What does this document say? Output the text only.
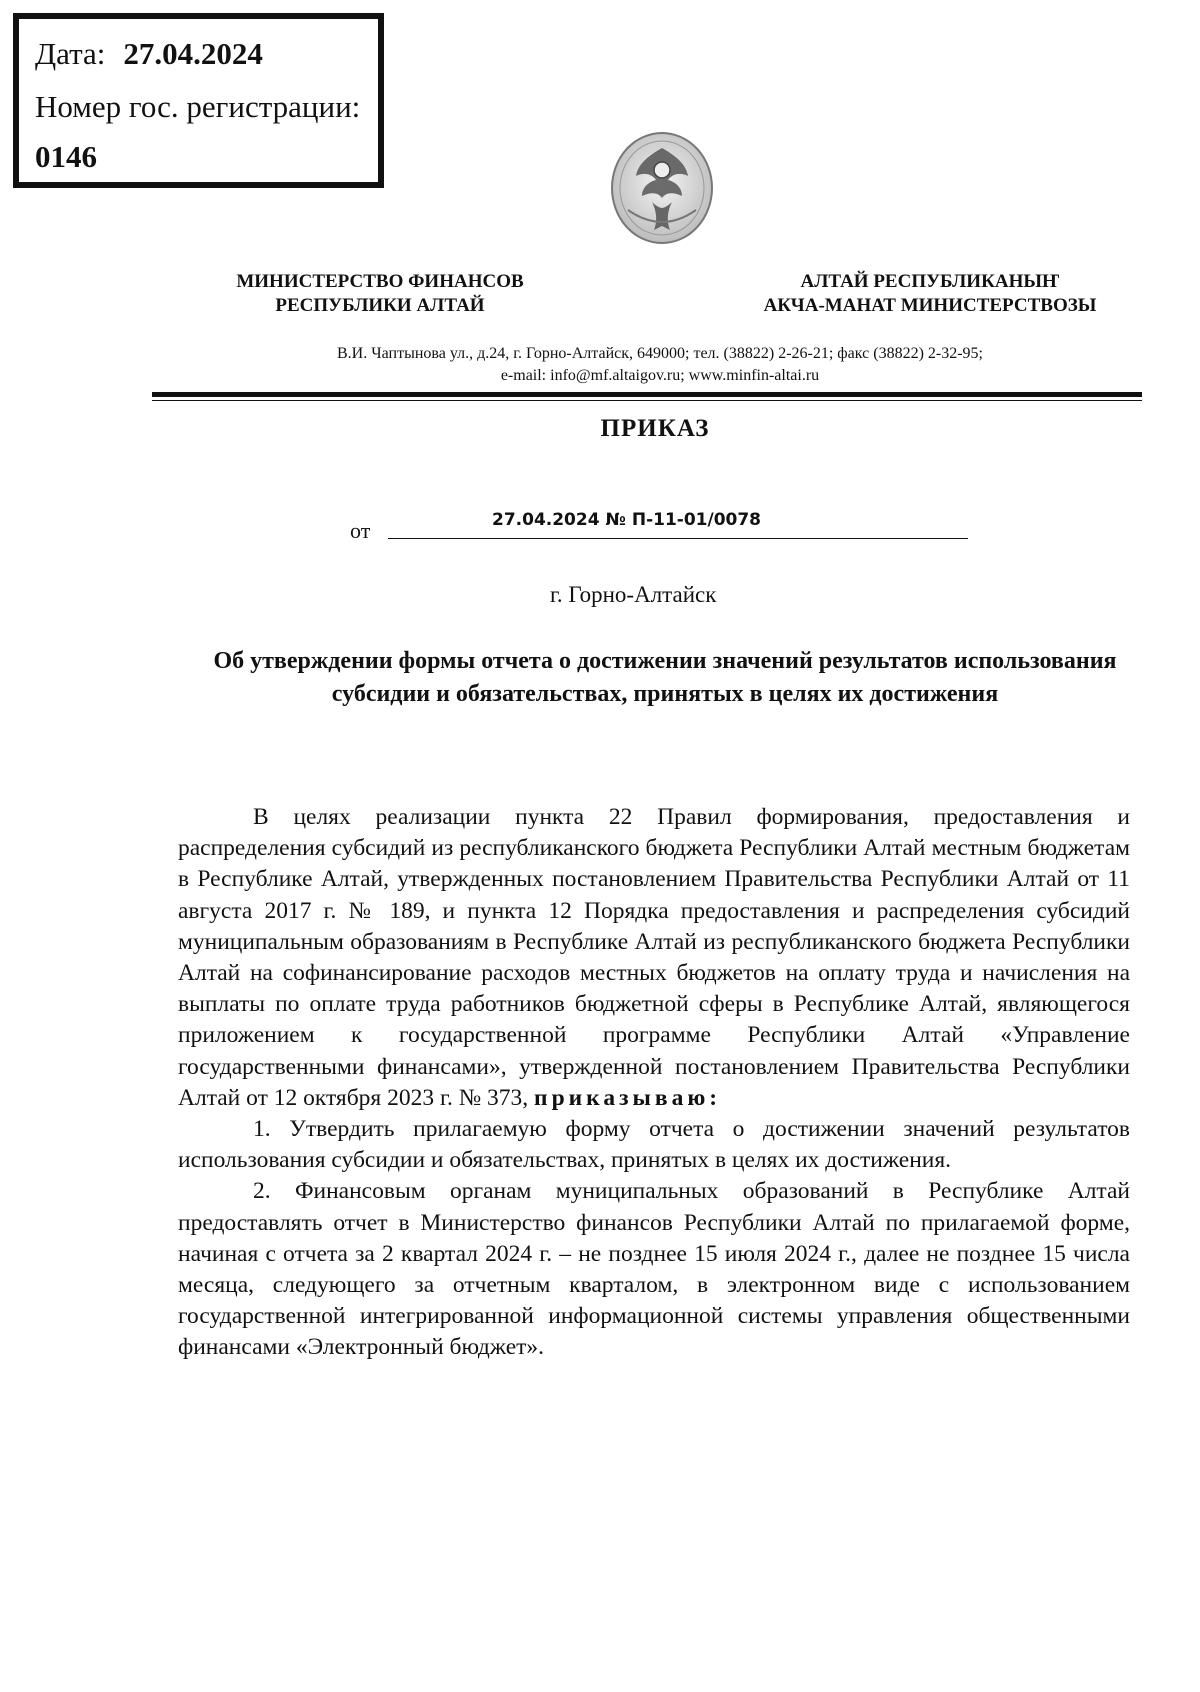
Дата: 27.04.2024
Номер гос. регистрации:
0146
МИНИСТЕРСТВО ФИНАНСОВ
РЕСПУБЛИКИ АЛТАЙ
АЛТАЙ РЕСПУБЛИКАНЫҤ
АКЧА-МАНАТ МИНИСТЕРСТВОЗЫ
В.И. Чаптынова ул., д.24, г. Горно-Алтайск, 649000; тел. (38822) 2-26-21; факс (38822) 2-32-95;
e-mail: info@mf.altaigov.ru; www.minfin-altai.ru
ПРИКАЗ
от	27.04.2024 № П-11-01/0078
г. Горно-Алтайск
Об утверждении формы отчета о достижении значений результатов использования субсидии и обязательствах, принятых в целях их достижения

В целях реализации пункта 22 Правил формирования, предоставления и распределения субсидий из республиканского бюджета Республики Алтай местным бюджетам в Республике Алтай, утвержденных постановлением Правительства Республики Алтай от 11 августа 2017 г. № 189, и пункта 12 Порядка предоставления и распределения субсидий муниципальным образованиям в Республике Алтай из республиканского бюджета Республики Алтай на софинансирование расходов местных бюджетов на оплату труда и начисления на выплаты по оплате труда работников бюджетной сферы в Республике Алтай, являющегося приложением к государственной программе Республики Алтай «Управление государственными финансами», утвержденной постановлением Правительства Республики Алтай от 12 октября 2023 г. № 373, приказываю:

1. Утвердить прилагаемую форму отчета о достижении значений результатов использования субсидии и обязательствах, принятых в целях их достижения.

2. Финансовым органам муниципальных образований в Республике Алтай предоставлять отчет в Министерство финансов Республики Алтай по прилагаемой форме, начиная с отчета за 2 квартал 2024 г. – не позднее 15 июля 2024 г., далее не позднее 15 числа месяца, следующего за отчетным кварталом, в электронном виде с использованием государственной интегрированной информационной системы управления общественными финансами «Электронный бюджет».
